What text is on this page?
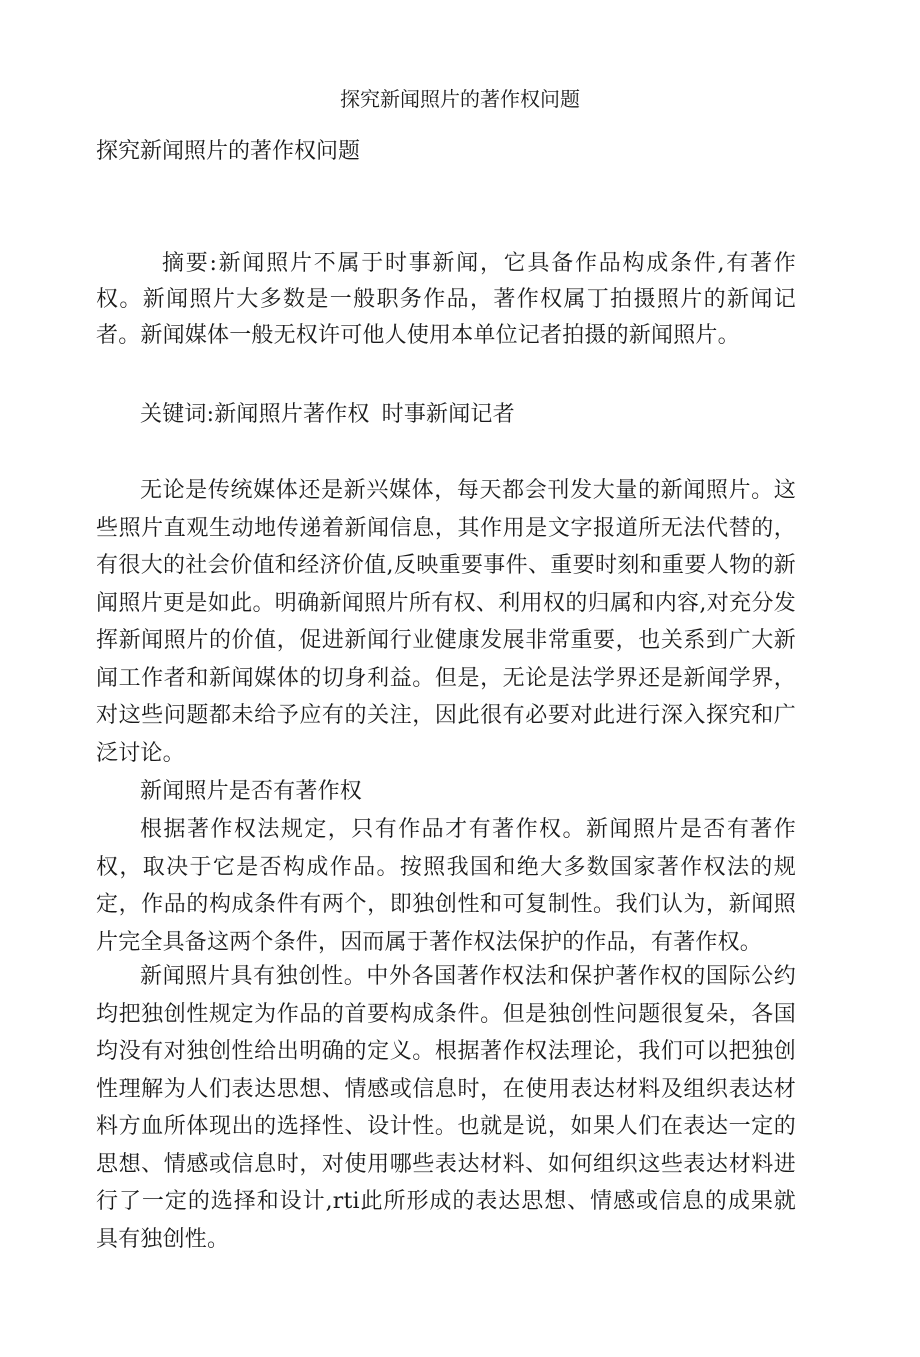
探究新闻照片的著作权问题
探究新闻照片的著作权问题

摘要:新闻照片不属于时事新闻，它具备作品构成条件,有著作权。新闻照片大多数是一般职务作品，著作权属丁拍摄照片的新闻记者。新闻媒体一般无权许可他人使用本单位记者拍摄的新闻照片。

关键词:新闻照片著作权 时事新闻记者

无论是传统媒体还是新兴媒体，每天都会刊发大量的新闻照片。这些照片直观生动地传递着新闻信息，其作用是文字报道所无法代替的，有很大的社会价值和经济价值,反映重要事件、重要时刻和重要人物的新闻照片更是如此。明确新闻照片所有权、利用权的归属和内容,对充分发挥新闻照片的价值，促进新闻行业健康发展非常重要，也关系到广大新闻工作者和新闻媒体的切身利益。但是，无论是法学界还是新闻学界，对这些问题都未给予应有的关注，因此很有必要对此进行深入探究和广泛讨论。

新闻照片是否有著作权

根据著作权法规定，只有作品才有著作权。新闻照片是否有著作权，取决于它是否构成作品。按照我国和绝大多数国家著作权法的规定，作品的构成条件有两个，即独创性和可复制性。我们认为，新闻照片完全具备这两个条件，因而属于著作权法保护的作品，有著作权。

新闻照片具有独创性。中外各国著作权法和保护著作权的国际公约均把独创性规定为作品的首要构成条件。但是独创性问题很复朵，各国均没有对独创性给出明确的定义。根据著作权法理论，我们可以把独创性理解为人们表达思想、情感或信息时，在使用表达材料及组织表达材料方血所体现出的选择性、设计性。也就是说，如果人们在表达一定的思想、情感或信息时，对使用哪些表达材料、如何组织这些表达材料进行了一定的选择和设计,rti此所形成的表达思想、情感或信息的成果就具有独创性。
